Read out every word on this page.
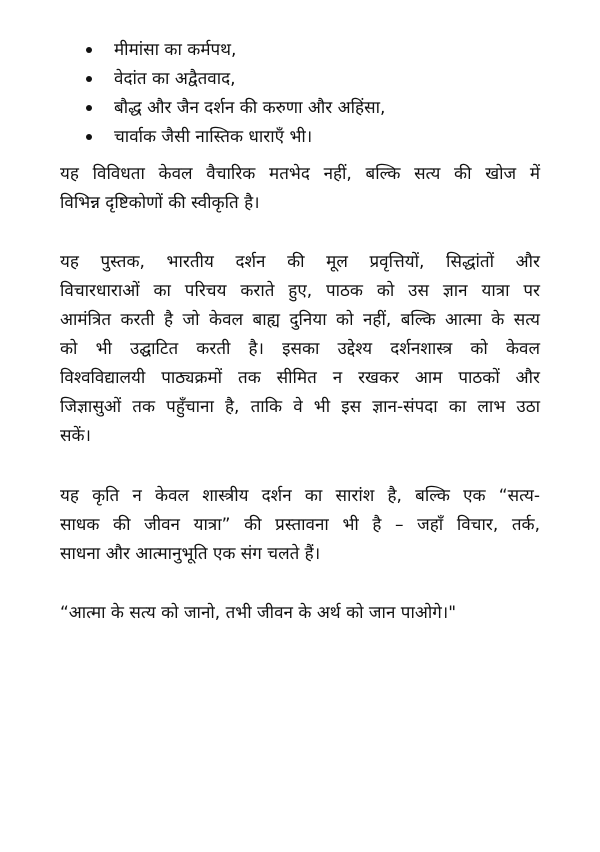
मीमांसा का कर्मपथ,
वेदांत का अद्वैतवाद,
बौद्ध और जैन दर्शन की करुणा और अहिंसा,
चार्वाक जैसी नास्तिक धाराएँ भी।

यह विविधता केवल वैचारिक मतभेद नहीं, बल्कि सत्य की खोज में
विभिन्न दृष्टिकोणों की स्वीकृति है।

यह पुस्तक, भारतीय दर्शन की मूल प्रवृत्तियों, सिद्धांतों और
विचारधाराओं का परिचय कराते हुए, पाठक को उस ज्ञान यात्रा पर
आमंत्रित करती है जो केवल बाह्य दुनिया को नहीं, बल्कि आत्मा के सत्य
को भी उद्घाटित करती है। इसका उद्देश्य दर्शनशास्त्र को केवल
विश्वविद्यालयी पाठ्यक्रमों तक सीमित न रखकर आम पाठकों और
जिज्ञासुओं तक पहुँचाना है, ताकि वे भी इस ज्ञान-संपदा का लाभ उठा
सकें।

यह कृति न केवल शास्त्रीय दर्शन का सारांश है, बल्कि एक “सत्य-
साधक की जीवन यात्रा” की प्रस्तावना भी है – जहाँ विचार, तर्क,
साधना और आत्मानुभूति एक संग चलते हैं।

“आत्मा के सत्य को जानो, तभी जीवन के अर्थ को जान पाओगे।"
